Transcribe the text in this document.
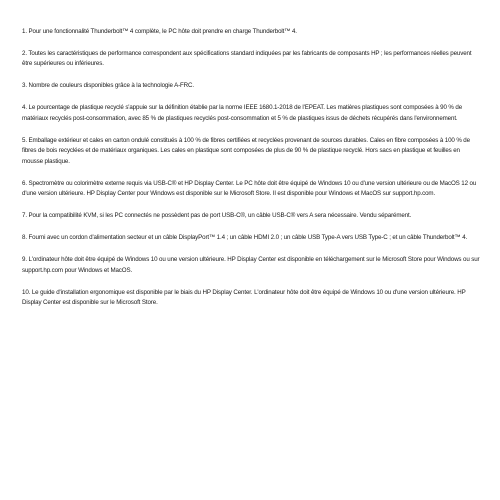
1. Pour une fonctionnalité Thunderbolt™ 4 complète, le PC hôte doit prendre en charge Thunderbolt™ 4.

2. Toutes les caractéristiques de performance correspondent aux spécifications standard indiquées par les fabricants de composants HP ; les performances réelles peuvent être supérieures ou inférieures.

3. Nombre de couleurs disponibles grâce à la technologie A-FRC.

4. Le pourcentage de plastique recyclé s'appuie sur la définition établie par la norme IEEE 1680.1-2018 de l'EPEAT. Les matières plastiques sont composées à 90 % de matériaux recyclés post-consommation, avec 85 % de plastiques recyclés post-consommation et 5 % de plastiques issus de déchets récupérés dans l'environnement.

5. Emballage extérieur et cales en carton ondulé constitués à 100 % de fibres certifiées et recyclées provenant de sources durables. Cales en fibre composées à 100 % de fibres de bois recyclées et de matériaux organiques. Les cales en plastique sont composées de plus de 90 % de plastique recyclé. Hors sacs en plastique et feuilles en mousse plastique.

6. Spectromètre ou colorimètre externe requis via USB-C® et HP Display Center. Le PC hôte doit être équipé de Windows 10 ou d'une version ultérieure ou de MacOS 12 ou d'une version ultérieure. HP Display Center pour Windows est disponible sur le Microsoft Store. Il est disponible pour Windows et MacOS sur support.hp.com.

7. Pour la compatibilité KVM, si les PC connectés ne possèdent pas de port USB-C®, un câble USB-C® vers A sera nécessaire. Vendu séparément.

8. Fourni avec un cordon d'alimentation secteur et un câble DisplayPort™ 1.4 ; un câble HDMI 2.0 ; un câble USB Type-A vers USB Type-C ; et un câble Thunderbolt™ 4.

9. L'ordinateur hôte doit être équipé de Windows 10 ou une version ultérieure. HP Display Center est disponible en téléchargement sur le Microsoft Store pour Windows ou sur support.hp.com pour Windows et MacOS.

10. Le guide d'installation ergonomique est disponible par le biais du HP Display Center. L'ordinateur hôte doit être équipé de Windows 10 ou d'une version ultérieure. HP Display Center est disponible sur le Microsoft Store.
